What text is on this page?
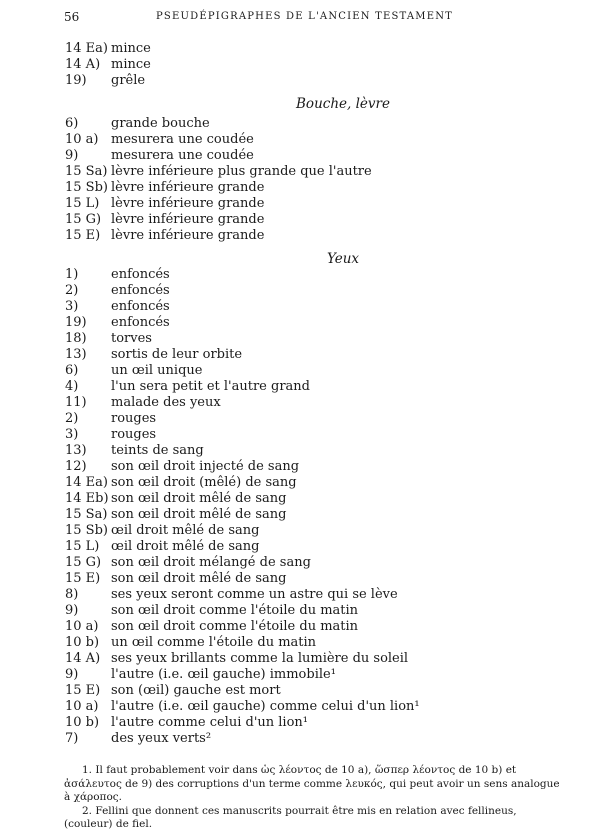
56	PSEUDÉPIGRAPHES DE L'ANCIEN TESTAMENT
14 Ea) mince
14 A) mince
19) grêle
Bouche, lèvre
6)	grande bouche
10 a) mesurera une coudée
9)	mesurera une coudée
15 Sa) lèvre inférieure plus grande que l'autre
15 Sb) lèvre inférieure grande
15 L) lèvre inférieure grande
15 G) lèvre inférieure grande
15 E) lèvre inférieure grande
Yeux
1)	enfoncés
2)	enfoncés
3)	enfoncés
19) enfoncés
18) torves
13) sortis de leur orbite
6)	un œil unique
4)	l'un sera petit et l'autre grand
11) malade des yeux
2)	rouges
3)	rouges
13) teints de sang
12) son œil droit injecté de sang
14 Ea) son œil droit (mêlé) de sang
14 Eb) son œil droit mêlé de sang
15 Sa) son œil droit mêlé de sang
15 Sb) œil droit mêlé de sang
15 L) œil droit mêlé de sang
15 G) son œil droit mélangé de sang
15 E) son œil droit mêlé de sang
8)	ses yeux seront comme un astre qui se lève
9)	son œil droit comme l'étoile du matin
10 a) son œil droit comme l'étoile du matin
10 b) un œil comme l'étoile du matin
14 A) ses yeux brillants comme la lumière du soleil
9)	l'autre (i.e. œil gauche) immobile¹
15 E) son (œil) gauche est mort
10 a) l'autre (i.e. œil gauche) comme celui d'un lion¹
10 b) l'autre comme celui d'un lion¹
7)	des yeux verts²

1. Il faut probablement voir dans ὡς λέοντος de 10 a), ὥσπερ λέοντος de 10 b) et ἀσάλευτος de 9) des corruptions d'un terme comme λευκός, qui peut avoir un sens analogue à χάροπος.

2. Fellini que donnent ces manuscrits pourrait être mis en relation avec fellineus, (couleur) de fiel.
